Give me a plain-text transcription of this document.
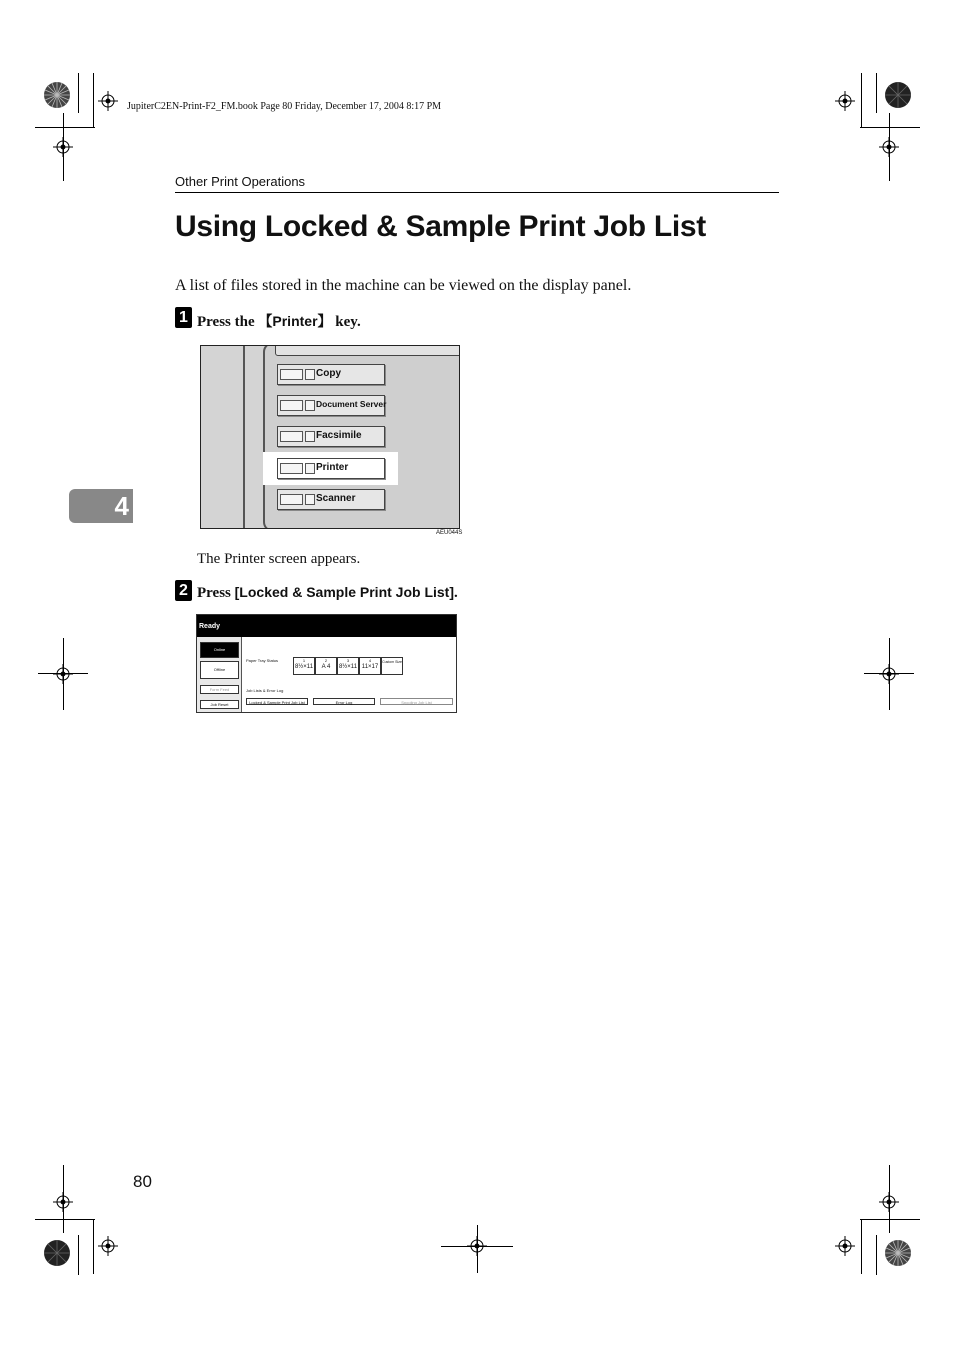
JupiterC2EN-Print-F2_FM.book Page 80 Friday, December 17, 2004 8:17 PM
Other Print Operations
Using Locked & Sample Print Job List
A list of files stored in the machine can be viewed on the display panel.
4
1 Press the 【Printer】 key.
Copy
Document Server
Facsimile
Printer
Scanner
AEU044S
The Printer screen appears.
2 Press [Locked & Sample Print Job List].
Ready
Online
Offline
Form Feed
Job Reset
Paper Tray Status	1
8½×11
2
A 4
3
8½×11
4
11×17
Custom Size
Job Lists & Error Log
Locked & Sample Print Job List	Error Log	Spooling Job List
80
